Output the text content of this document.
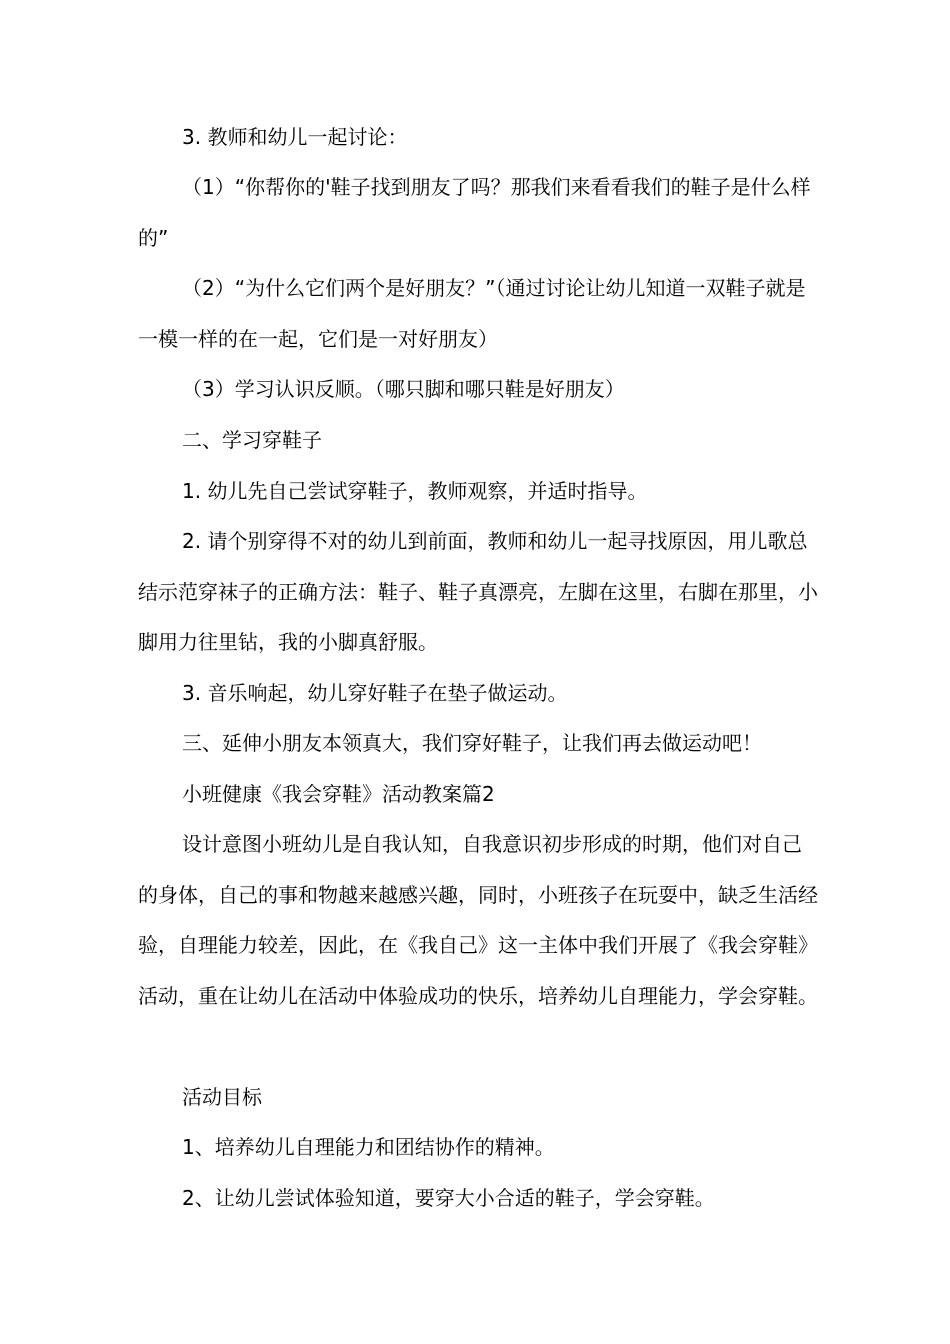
3. 教师和幼儿一起讨论：

（1）“你帮你的'鞋子找到朋友了吗？那我们来看看我们的鞋子是什么样的”

（2）“为什么它们两个是好朋友？”（通过讨论让幼儿知道一双鞋子就是一模一样的在一起，它们是一对好朋友）

（3）学习认识反顺。（哪只脚和哪只鞋是好朋友）

二、学习穿鞋子

1. 幼儿先自己尝试穿鞋子，教师观察，并适时指导。

2. 请个别穿得不对的幼儿到前面，教师和幼儿一起寻找原因，用儿歌总结示范穿袜子的正确方法：鞋子、鞋子真漂亮，左脚在这里，右脚在那里，小脚用力往里钻，我的小脚真舒服。

3. 音乐响起，幼儿穿好鞋子在垫子做运动。

三、延伸小朋友本领真大，我们穿好鞋子，让我们再去做运动吧！

小班健康《我会穿鞋》活动教案篇2

设计意图小班幼儿是自我认知，自我意识初步形成的时期，他们对自己的身体，自己的事和物越来越感兴趣，同时，小班孩子在玩耍中，缺乏生活经验，自理能力较差，因此，在《我自己》这一主体中我们开展了《我会穿鞋》活动，重在让幼儿在活动中体验成功的快乐，培养幼儿自理能力，学会穿鞋。

活动目标

1、培养幼儿自理能力和团结协作的精神。

2、让幼儿尝试体验知道，要穿大小合适的鞋子，学会穿鞋。
